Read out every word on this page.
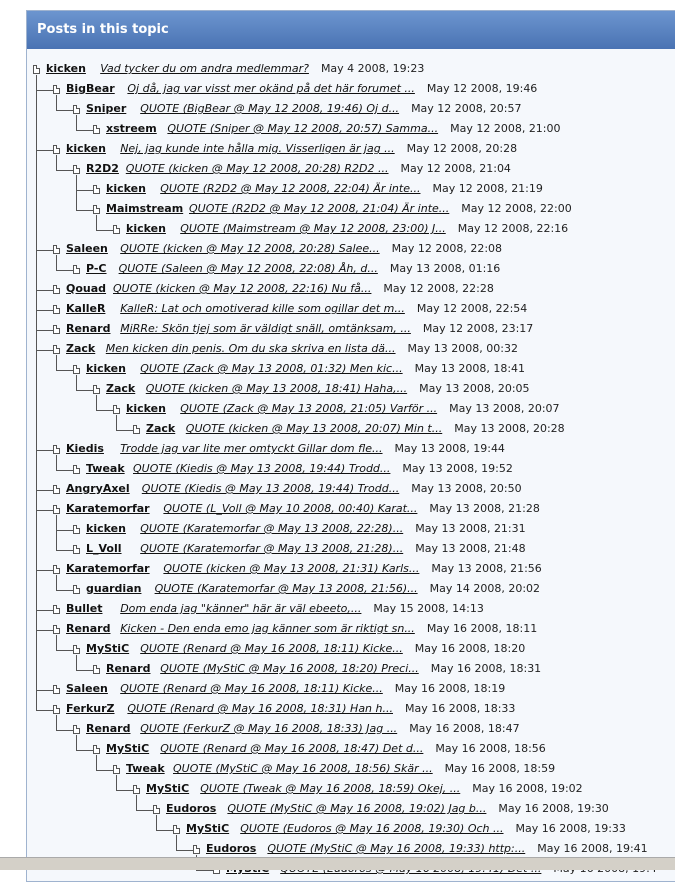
Posts in this topic
kicken Vad tycker du om andra medlemmar? May 4 2008, 19:23
BigBear Oj då, jag var visst mer okänd på det här forumet ... May 12 2008, 19:46
Sniper QUOTE (BigBear @ May 12 2008, 19:46) Oj d... May 12 2008, 20:57
xstreem QUOTE (Sniper @ May 12 2008, 20:57) Samma... May 12 2008, 21:00
kicken Nej, jag kunde inte hålla mig. Visserligen är jag ... May 12 2008, 20:28
R2D2 QUOTE (kicken @ May 12 2008, 20:28) R2D2 ... May 12 2008, 21:04
kicken QUOTE (R2D2 @ May 12 2008, 22:04) Är inte... May 12 2008, 21:19
Maimstream QUOTE (R2D2 @ May 12 2008, 21:04) Är inte... May 12 2008, 22:00
kicken QUOTE (Maimstream @ May 12 2008, 23:00) J... May 12 2008, 22:16
Saleen QUOTE (kicken @ May 12 2008, 20:28) Salee... May 12 2008, 22:08
P-C QUOTE (Saleen @ May 12 2008, 22:08) Åh, d... May 13 2008, 01:16
Qouad QUOTE (kicken @ May 12 2008, 22:16) Nu få... May 12 2008, 22:28
KalleR KalleR: Lat och omotiverad kille som ogillar det m... May 12 2008, 22:54
Renard MiRRe: Skön tjej som är väldigt snäll, omtänksam, ... May 12 2008, 23:17
Zack Men kicken din penis. Om du ska skriva en lista dä... May 13 2008, 00:32
kicken QUOTE (Zack @ May 13 2008, 01:32) Men kic... May 13 2008, 18:41
Zack QUOTE (kicken @ May 13 2008, 18:41) Haha,... May 13 2008, 20:05
kicken QUOTE (Zack @ May 13 2008, 21:05) Varför ... May 13 2008, 20:07
Zack QUOTE (kicken @ May 13 2008, 20:07) Min t... May 13 2008, 20:28
Kiedis Trodde jag var lite mer omtyckt Gillar dom fle... May 13 2008, 19:44
Tweak QUOTE (Kiedis @ May 13 2008, 19:44) Trodd... May 13 2008, 19:52
AngryAxel QUOTE (Kiedis @ May 13 2008, 19:44) Trodd... May 13 2008, 20:50
Karatemorfar QUOTE (L_Voll @ May 10 2008, 00:40) Karat... May 13 2008, 21:28
kicken QUOTE (Karatemorfar @ May 13 2008, 22:28)... May 13 2008, 21:31
L_Voll QUOTE (Karatemorfar @ May 13 2008, 21:28)... May 13 2008, 21:48
Karatemorfar QUOTE (kicken @ May 13 2008, 21:31) Karls... May 13 2008, 21:56
guardian QUOTE (Karatemorfar @ May 13 2008, 21:56)... May 14 2008, 20:02
Bullet Dom enda jag "känner" här är väl ebeeto,... May 15 2008, 14:13
Renard Kicken - Den enda emo jag känner som är riktigt sn... May 16 2008, 18:11
MyStiC QUOTE (Renard @ May 16 2008, 18:11) Kicke... May 16 2008, 18:20
Renard QUOTE (MyStiC @ May 16 2008, 18:20) Preci... May 16 2008, 18:31
Saleen QUOTE (Renard @ May 16 2008, 18:11) Kicke... May 16 2008, 18:19
FerkurZ QUOTE (Renard @ May 16 2008, 18:31) Han h... May 16 2008, 18:33
Renard QUOTE (FerkurZ @ May 16 2008, 18:33) Jag ... May 16 2008, 18:47
MyStiC QUOTE (Renard @ May 16 2008, 18:47) Det d... May 16 2008, 18:56
Tweak QUOTE (MyStiC @ May 16 2008, 18:56) Skär ... May 16 2008, 18:59
MyStiC QUOTE (Tweak @ May 16 2008, 18:59) Okej, ... May 16 2008, 19:02
Eudoros QUOTE (MyStiC @ May 16 2008, 19:02) Jag b... May 16 2008, 19:30
MyStiC QUOTE (Eudoros @ May 16 2008, 19:30) Och ... May 16 2008, 19:33
Eudoros QUOTE (MyStiC @ May 16 2008, 19:33) http:... May 16 2008, 19:41
